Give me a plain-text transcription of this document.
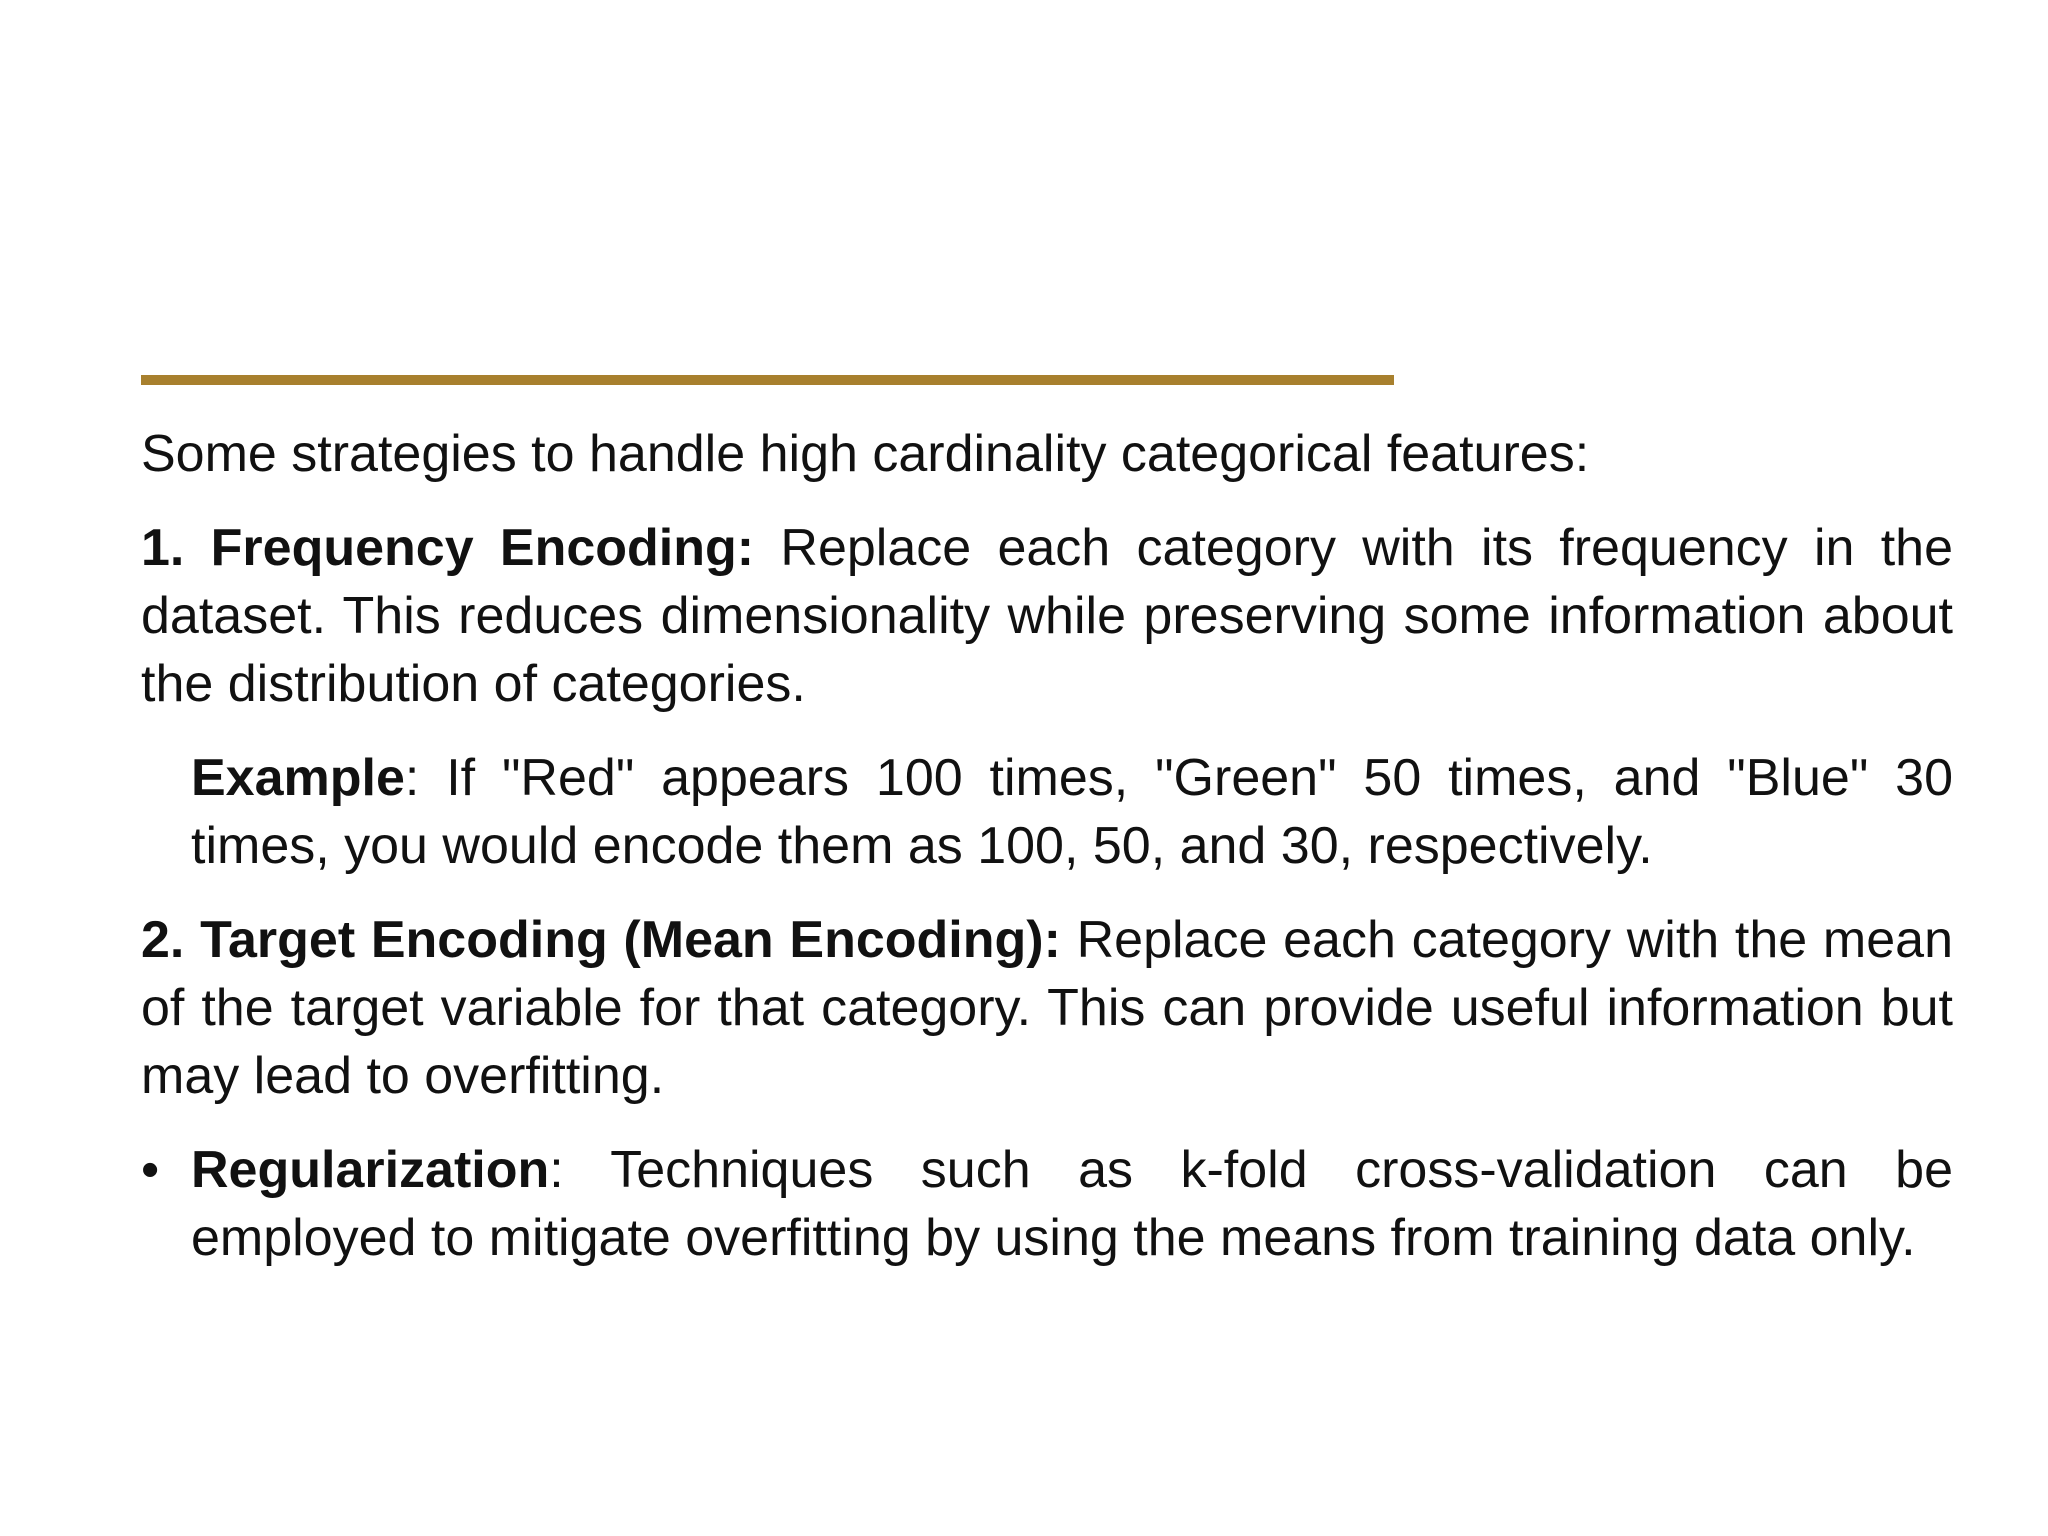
Some strategies to handle high cardinality categorical features:

1. Frequency Encoding: Replace each category with its frequency in the dataset. This reduces dimensionality while preserving some information about the distribution of categories.

Example: If "Red" appears 100 times, "Green" 50 times, and "Blue" 30 times, you would encode them as 100, 50, and 30, respectively.

2. Target Encoding (Mean Encoding): Replace each category with the mean of the target variable for that category. This can provide useful information but may lead to overfitting.

• Regularization: Techniques such as k-fold cross-validation can be employed to mitigate overfitting by using the means from training data only.
